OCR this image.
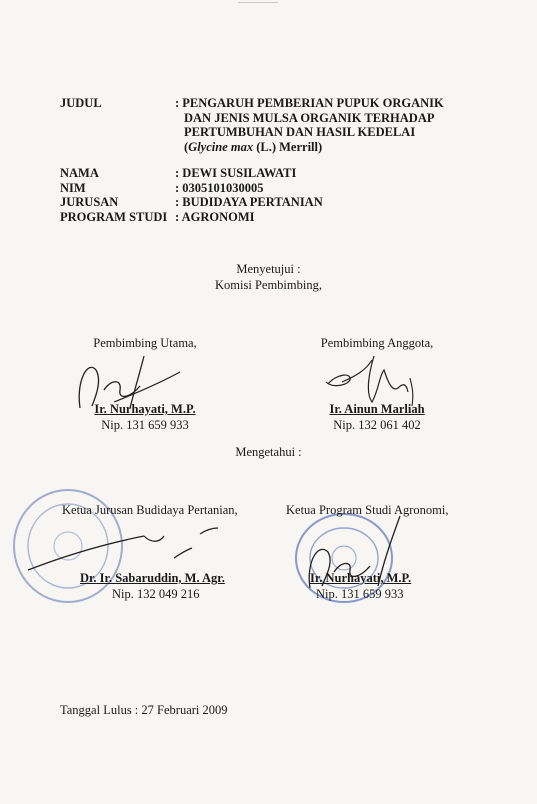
JUDUL	: PENGARUH PEMBERIAN PUPUK ORGANIK
DAN JENIS MULSA ORGANIK TERHADAP
PERTUMBUHAN DAN HASIL KEDELAI
(Glycine max (L.) Merrill)
NAMA	: DEWI SUSILAWATI
NIM	: 0305101030005
JURUSAN	: BUDIDAYA PERTANIAN
PROGRAM STUDI : AGRONOMI
Menyetujui :
Komisi Pembimbing,
Pembimbing Utama,
Ir. Nurhayati, M.P.
Nip. 131 659 933
Pembimbing Anggota,
Ir. Ainun Marliah
Nip. 132 061 402
Mengetahui :
Ketua Jurusan Budidaya Pertanian,
Dr. Ir. Sabaruddin, M. Agr.
Nip. 132 049 216
Ketua Program Studi Agronomi,
Ir. Nurhayati, M.P.
Nip. 131 659 933
Tanggal Lulus : 27 Februari 2009
